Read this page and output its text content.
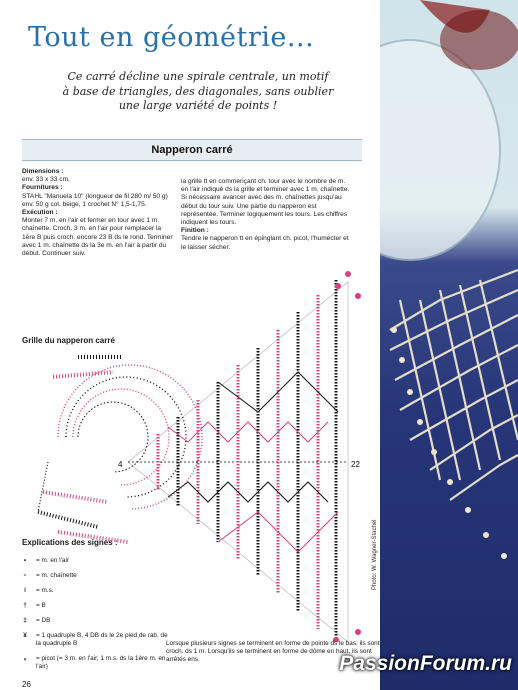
Tout en géométrie...
Ce carré décline une spirale centrale, un motif
à base de triangles, des diagonales, sans oublier
une large variété de points !
Napperon carré
Dimensions :
env. 33 x 33 cm.
Fournitures :
STAHL "Manuela 10" (longueur de fil 280 m/ 50 g) env. 50 g col. beige, 1 crochet N° 1,5-1,75.
Exécution :
Monter 7 m. en l'air et fermer en tour avec 1 m. chaînette. Croch. 3 m. en l'air pour remplacer la 1ère B puis croch. encore 23 B ds le rond. Terminer avec 1 m. chaînette ds la 3e m. en l'air à partir du début. Continuer suiv.
la grille tt en commençant ch. tour avec le nombre de m. en l'air indiqué ds la grille et terminer avec 1 m. chaînette. Si nécessaire avancer avec des m. chaînettes jusqu'au début du tour suiv. Une partie du napperon est représentée. Terminer logiquement les tours. Les chiffres indiquent les tours.
Finition :
Tendre le napperon tt en épinglant ch. picot, l'humecter et le laisser sécher.
Grille du napperon carré
4	22
Explications des signes :
•	= m. en l'air
•	= m. chaînette
ǀ	= m.s.
†	= B
‡	= DB
¥	= 1 quadruple B, 4 DB ds le 2e pied de rab. de la quadruple B
ₒ	= picot (= 3 m. en l'air, 1 m.s. ds la 1ère m. en l'air)
Lorsque plusieurs signes se terminent en forme de pointe ds le bas, ils sont croch. ds 1 m. Lorsqu'ils se terminent en forme de dôme en haut, ils sont arrêtés ens.
26
Photo: W. Wagner-Stachel
PassionForum.ru
